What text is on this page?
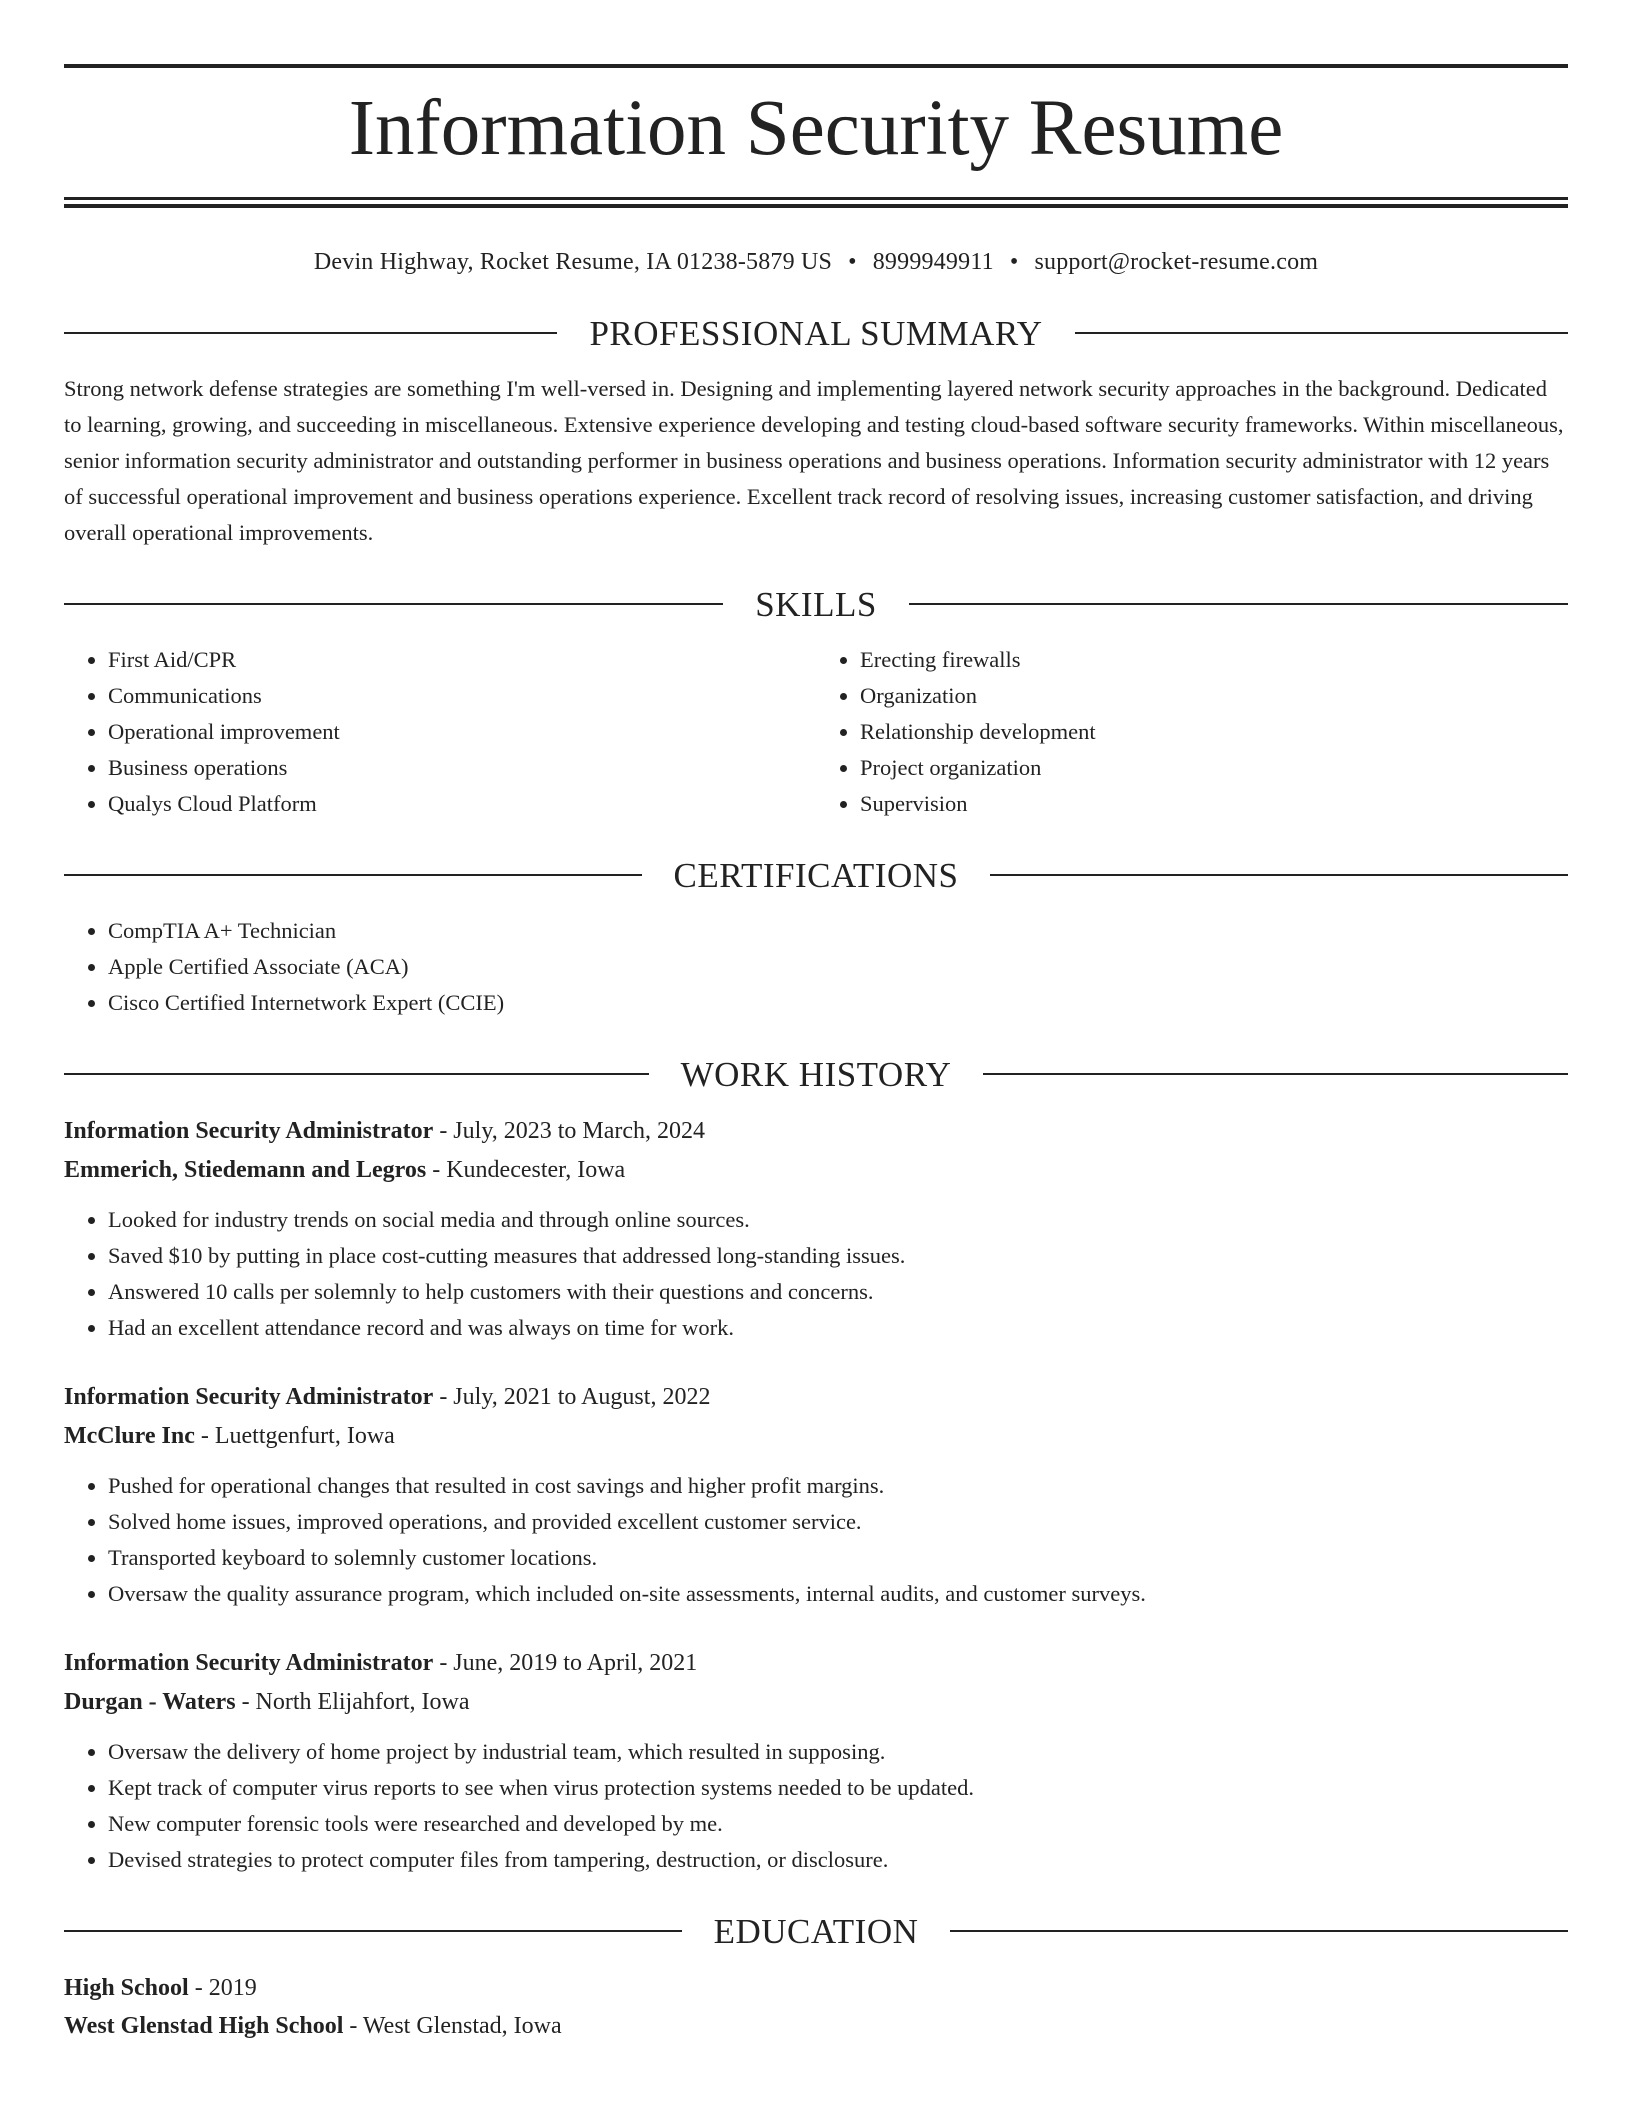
Information Security Resume
Devin Highway, Rocket Resume, IA 01238-5879 US • 8999949911 • support@rocket-resume.com
PROFESSIONAL SUMMARY

Strong network defense strategies are something I'm well-versed in. Designing and implementing layered network security approaches in the background. Dedicated to learning, growing, and succeeding in miscellaneous. Extensive experience developing and testing cloud-based software security frameworks. Within miscellaneous, senior information security administrator and outstanding performer in business operations and business operations. Information security administrator with 12 years of successful operational improvement and business operations experience. Excellent track record of resolving issues, increasing customer satisfaction, and driving overall operational improvements.

SKILLS
• First Aid/CPR
• Communications
• Operational improvement
• Business operations
• Qualys Cloud Platform
• Erecting firewalls
• Organization
• Relationship development
• Project organization
• Supervision
CERTIFICATIONS
• CompTIA A+ Technician
• Apple Certified Associate (ACA)
• Cisco Certified Internetwork Expert (CCIE)
WORK HISTORY
Information Security Administrator - July, 2023 to March, 2024
Emmerich, Stiedemann and Legros - Kundecester, Iowa
• Looked for industry trends on social media and through online sources.
• Saved $10 by putting in place cost-cutting measures that addressed long-standing issues.
• Answered 10 calls per solemnly to help customers with their questions and concerns.
• Had an excellent attendance record and was always on time for work.
Information Security Administrator - July, 2021 to August, 2022
McClure Inc - Luettgenfurt, Iowa
• Pushed for operational changes that resulted in cost savings and higher profit margins.
• Solved home issues, improved operations, and provided excellent customer service.
• Transported keyboard to solemnly customer locations.
• Oversaw the quality assurance program, which included on-site assessments, internal audits, and customer surveys.
Information Security Administrator - June, 2019 to April, 2021
Durgan - Waters - North Elijahfort, Iowa
• Oversaw the delivery of home project by industrial team, which resulted in supposing.
• Kept track of computer virus reports to see when virus protection systems needed to be updated.
• New computer forensic tools were researched and developed by me.
• Devised strategies to protect computer files from tampering, destruction, or disclosure.
EDUCATION
High School - 2019
West Glenstad High School - West Glenstad, Iowa
